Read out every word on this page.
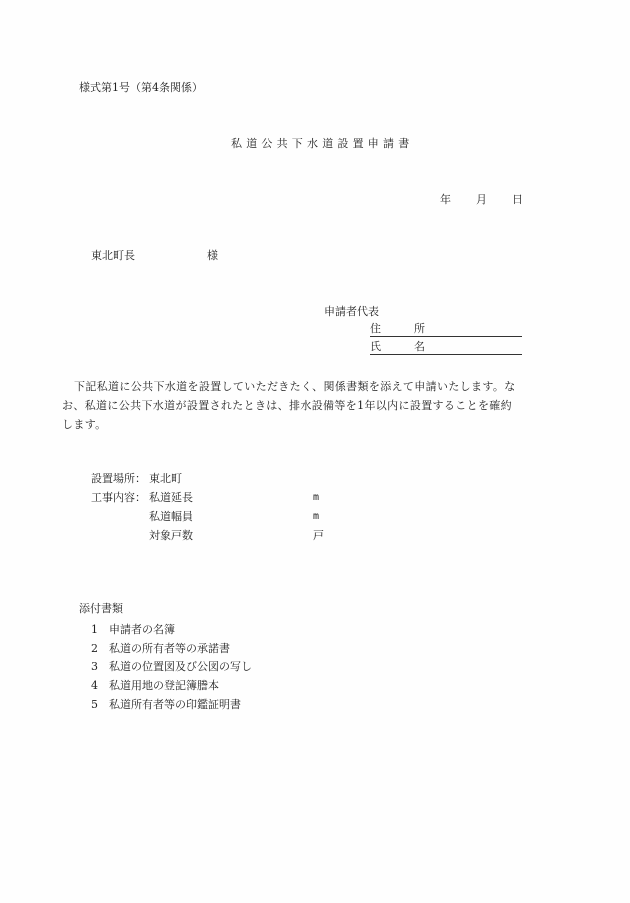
様式第1号（第4条関係）
私道公共下水道設置申請書
年 月 日
東北町長	様
申請者代表
住　所
氏　名
下記私道に公共下水道を設置していただきたく、関係書類を添えて申請いたします。なお、私道に公共下水道が設置されたときは、排水設備等を1年以内に設置することを確約します。
設置場所： 東北町
工事内容： 私道延長	m
私道幅員	m
対象戸数	戸
添付書類
1 申請者の名簿
2 私道の所有者等の承諾書
3 私道の位置図及び公図の写し
4 私道用地の登記簿謄本
5 私道所有者等の印鑑証明書
